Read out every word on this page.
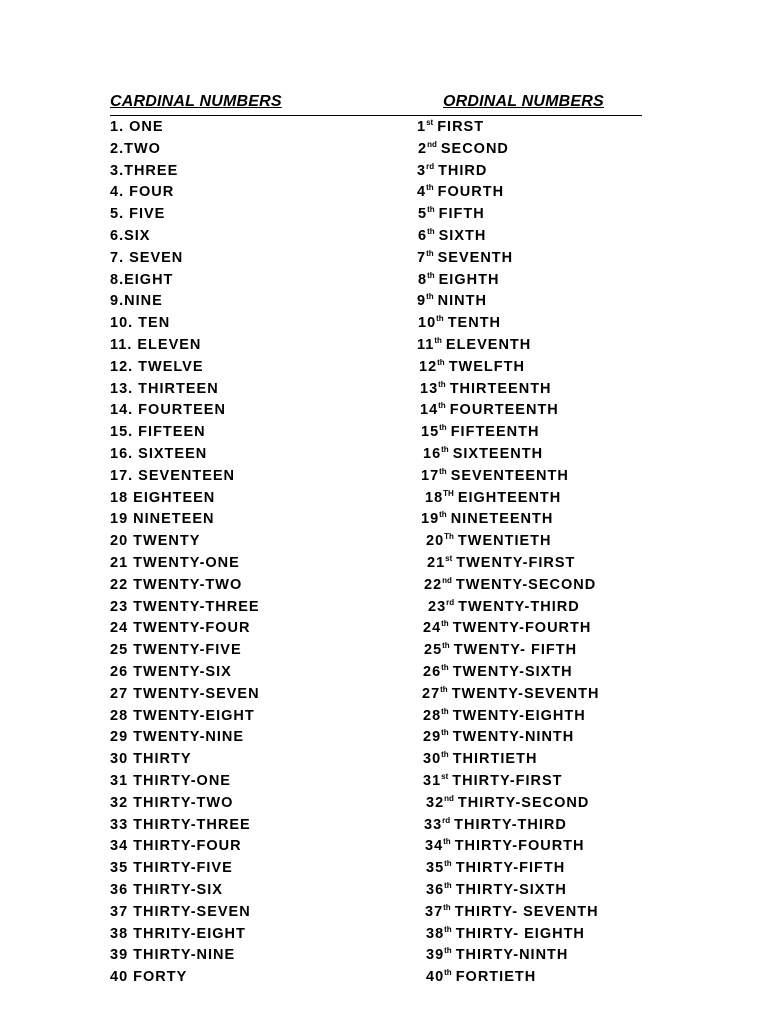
CARDINAL NUMBERS	ORDINAL NUMBERS
1. ONE	1st FIRST
2.TWO	2nd SECOND
3.THREE	3rd THIRD
4. FOUR	4th FOURTH
5. FIVE	5th FIFTH
6.SIX	6th SIXTH
7. SEVEN	7th SEVENTH
8.EIGHT	8th EIGHTH
9.NINE	9th NINTH
10. TEN	10th TENTH
11. ELEVEN	11th ELEVENTH
12. TWELVE	12th TWELFTH
13. THIRTEEN	13th THIRTEENTH
14. FOURTEEN	14th FOURTEENTH
15. FIFTEEN	15th FIFTEENTH
16. SIXTEEN	16th SIXTEENTH
17. SEVENTEEN	17th SEVENTEENTH
18 EIGHTEEN	18TH EIGHTEENTH
19 NINETEEN	19th NINETEENTH
20 TWENTY	20Th TWENTIETH
21 TWENTY-ONE	21st TWENTY-FIRST
22 TWENTY-TWO	22nd TWENTY-SECOND
23 TWENTY-THREE	23rd TWENTY-THIRD
24 TWENTY-FOUR	24th TWENTY-FOURTH
25 TWENTY-FIVE	25th TWENTY- FIFTH
26 TWENTY-SIX	26th TWENTY-SIXTH
27 TWENTY-SEVEN	27th TWENTY-SEVENTH
28 TWENTY-EIGHT	28th TWENTY-EIGHTH
29 TWENTY-NINE	29th TWENTY-NINTH
30 THIRTY	30th THIRTIETH
31 THIRTY-ONE	31st THIRTY-FIRST
32 THIRTY-TWO	32nd THIRTY-SECOND
33 THIRTY-THREE	33rd THIRTY-THIRD
34 THIRTY-FOUR	34th THIRTY-FOURTH
35 THIRTY-FIVE	35th THIRTY-FIFTH
36 THIRTY-SIX	36th THIRTY-SIXTH
37 THIRTY-SEVEN	37th THIRTY- SEVENTH
38 THRITY-EIGHT	38th THIRTY- EIGHTH
39 THIRTY-NINE	39th THIRTY-NINTH
40 FORTY	40th FORTIETH
